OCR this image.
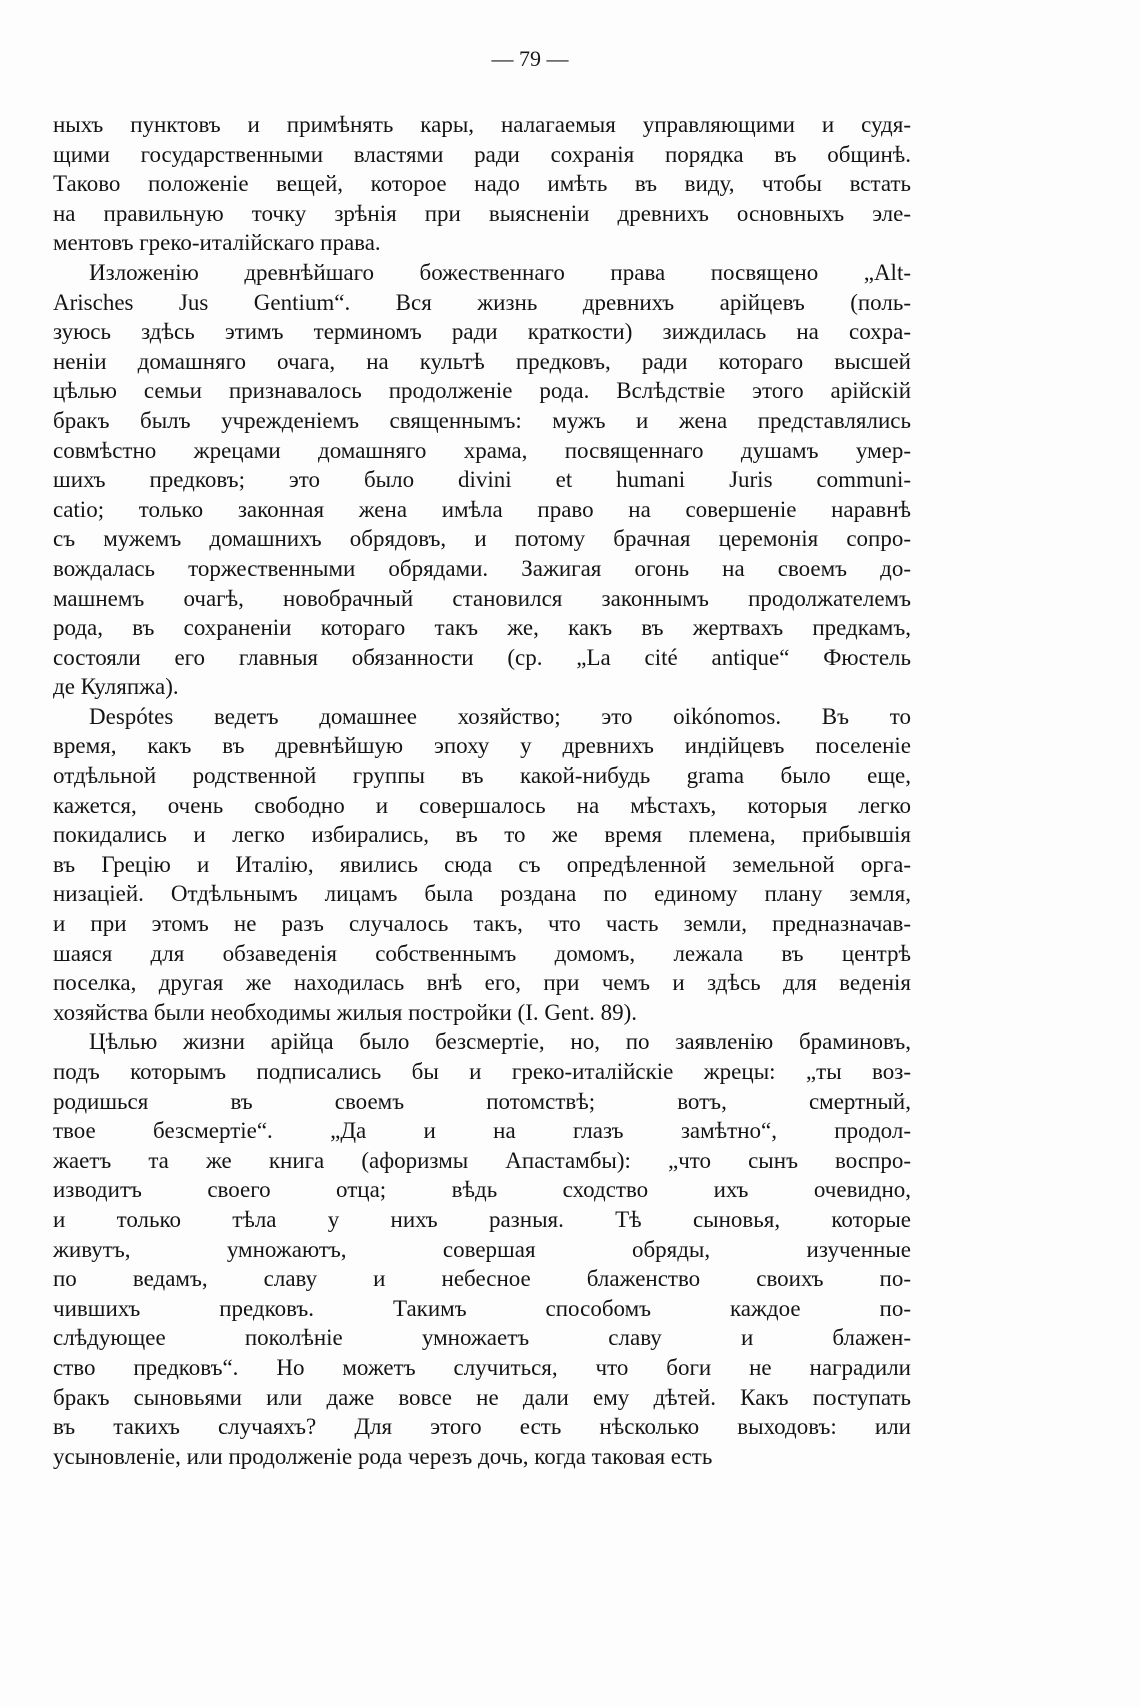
— 79 —
ныхъ пунктовъ и примѣнять кары, налагаемыя управляющими и судя-
щими государственными властями ради сохранія порядка въ общинѣ.
Таково положеніе вещей, которое надо имѣть въ виду, чтобы встать
на правильную точку зрѣнія при выясненіи древнихъ основныхъ эле-
ментовъ греко-италійскаго права.
Изложенію древнѣйшаго божественнаго права посвящено „Alt-
Arisches Jus Gentium“. Вся жизнь древнихъ арійцевъ (поль-
зуюсь здѣсь этимъ терминомъ ради краткости) зиждилась на сохра-
неніи домашняго очага, на культѣ предковъ, ради котораго высшей
цѣлью семьи признавалось продолженіе рода. Вслѣдствіе этого арійскій
бракъ былъ учрежденіемъ священнымъ: мужъ и жена представлялись
совмѣстно жрецами домашняго храма, посвященнаго душамъ умер-
шихъ предковъ; это было divini et humani Juris communi-
catio; только законная жена имѣла право на совершеніе наравнѣ
съ мужемъ домашнихъ обрядовъ, и потому брачная церемонія сопро-
вождалась торжественными обрядами. Зажигая огонь на своемъ до-
машнемъ очагѣ, новобрачный становился законнымъ продолжателемъ
рода, въ сохраненіи котораго такъ же, какъ въ жертвахъ предкамъ,
состояли его главныя обязанности (ср. „La cité antique“ Фюстель
де Куляпжа).
Despótes ведетъ домашнее хозяйство; это oikónomos. Въ то
время, какъ въ древнѣйшую эпоху у древнихъ индійцевъ поселеніе
отдѣльной родственной группы въ какой-нибудь grama было еще,
кажется, очень свободно и совершалось на мѣстахъ, которыя легко
покидались и легко избирались, въ то же время племена, прибывшія
въ Грецію и Италію, явились сюда съ опредѣленной земельной орга-
низацiей. Отдѣльнымъ лицамъ была роздана по единому плану земля,
и при этомъ не разъ случалось такъ, что часть земли, предназначав-
шаяся для обзаведенія собственнымъ домомъ, лежала въ центрѣ
поселка, другая же находилась внѣ его, при чемъ и здѣсь для веденія
хозяйства были необходимы жилыя постройки (I. Gent. 89).
Цѣлью жизни арійца было безсмертіе, но, по заявленію браминовъ,
подъ которымъ подписались бы и греко-италійскіе жрецы: „ты воз-
родишься въ своемъ потомствѣ; вотъ, смертный,
твое безсмертіе“. „Да и на глазъ замѣтно“, продол-
жаетъ та же книга (афоризмы Апастамбы): „что сынъ воспро-
изводитъ своего отца; вѣдь сходство ихъ очевидно,
и только тѣла у нихъ разныя. Тѣ сыновья, которые
живутъ, умножаютъ, совершая обряды, изученные
по ведамъ, славу и небесное блаженство своихъ по-
чившихъ предковъ. Такимъ способомъ каждое по-
слѣдующее поколѣніе умножаетъ славу и блажен-
ство предковъ“. Но можетъ случиться, что боги не наградили
бракъ сыновьями или даже вовсе не дали ему дѣтей. Какъ поступать
въ такихъ случаяхъ? Для этого есть нѣсколько выходовъ: или
усыновленіе, или продолженіе рода черезъ дочь, когда таковая есть
